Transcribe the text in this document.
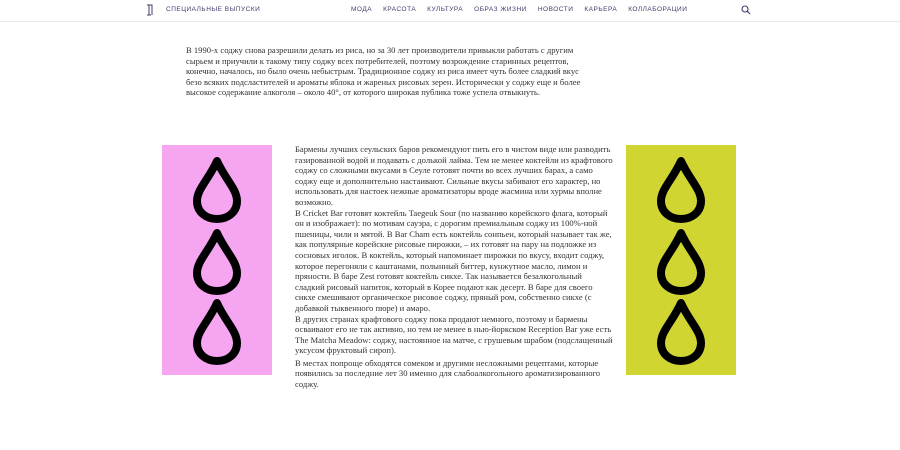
СПЕЦИАЛЬНЫЕ ВЫПУСКИ	МОДА КРАСОТА КУЛЬТУРА ОБРАЗ ЖИЗНИ НОВОСТИ КАРЬЕРА КОЛЛАБОРАЦИИ
В 1990-х соджу снова разрешили делать из риса, но за 30 лет производители привыкли работать с другим сырьем и приучили к такому типу соджу всех потребителей, поэтому возрождение старинных рецептов, конечно, началось, но было очень небыстрым. Традиционное соджу из риса имеет чуть более сладкий вкус безо всяких подсластителей и ароматы яблока и жареных рисовых зерен. Исторически у соджу еще и более высокое содержание алкоголя – около 40°, от которого широкая публика тоже успела отвыкнуть.

Бармены лучших сеульских баров рекомендуют пить его в чистом виде или разводить газированной водой и подавать с долькой лайма. Тем не менее коктейли из крафтового соджу со сложными вкусами в Сеуле готовят почти во всех лучших барах, а само соджу еще и дополнительно настаивают. Сильные вкусы забивают его характер, но использовать для настоек нежные ароматизаторы вроде жасмина или хурмы вполне возможно.

В Cricket Bar готовят коктейль Taegeuk Sour (по названию корейского флага, который он и изображает): по мотивам сауэра, с дорогим премиальным соджу из 100%-ной пшеницы, чили и мятой. В Bar Cham есть коктейль сонпьен, который называет так же, как популярные корейские рисовые пирожки, – их готовят на пару на подложке из сосновых иголок. В коктейль, который напоминает пирожки по вкусу, входит соджу, которое перегоняли с каштанами, полынный биттер, кунжутное масло, лимон и пряности. В баре Zest готовят коктейль сикхе. Так называется безалкогольный сладкий рисовый напиток, который в Корее подают как десерт. В баре для своего сикхе смешивают органическое рисовое соджу, пряный ром, собственно сикхе (с добавкой тыквенного пюре) и амаро.

В других странах крафтового соджу пока продают немного, поэтому и бармены осваивают его не так активно, но тем не менее в нью-йоркском Reception Bar уже есть The Matcha Meadow: соджу, настоянное на матче, с грушевым шрабом (подслащенный уксусом фруктовый сироп).

В местах попроще обходятся сомеком и другими несложными рецептами, которые появились за последние лет 30 именно для слабоалкогольного ароматизированного соджу.
